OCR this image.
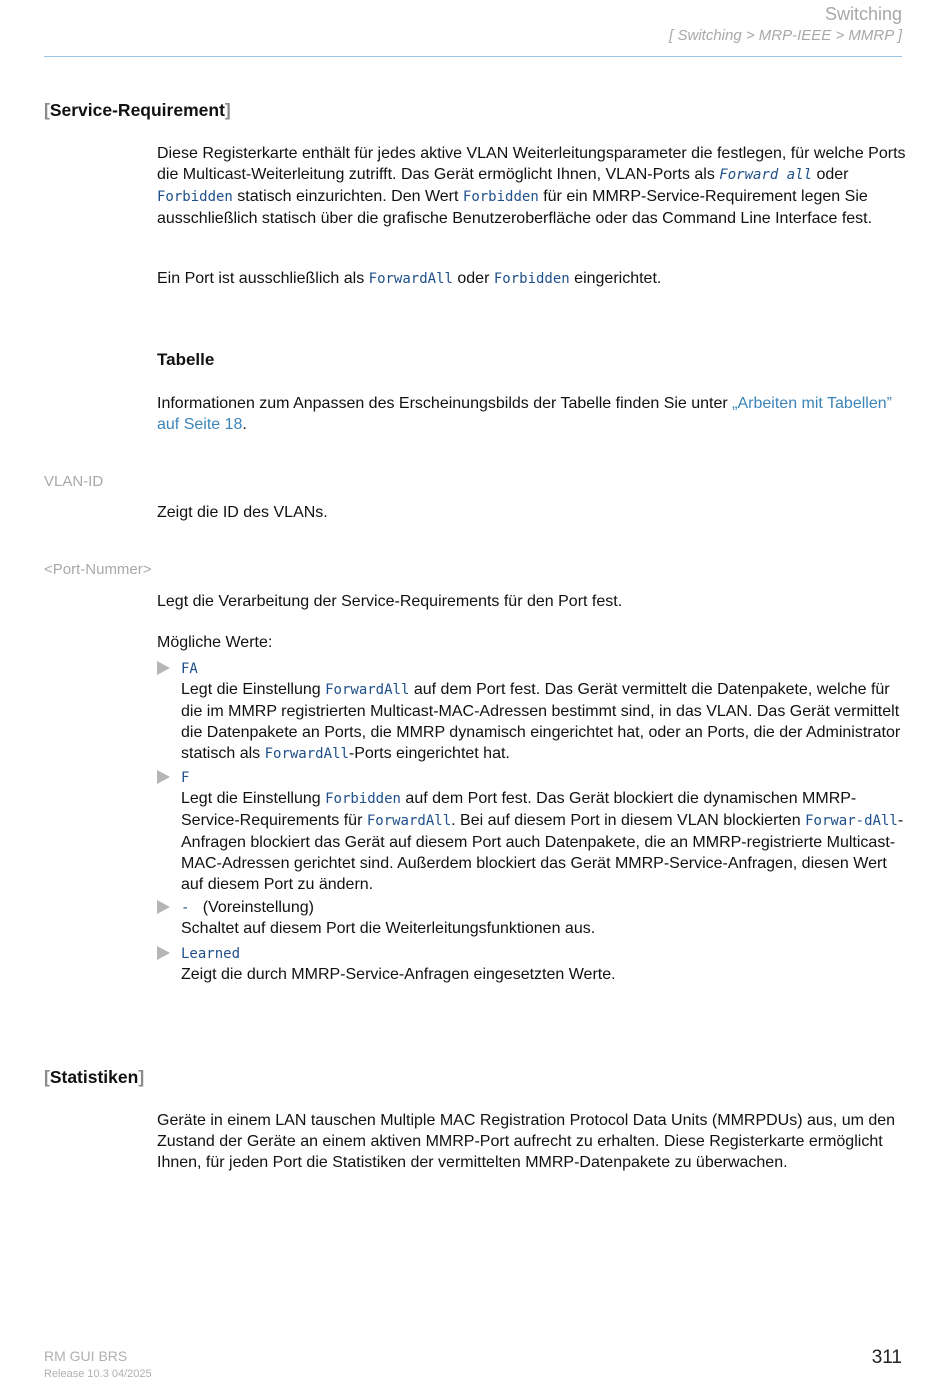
Switching
[ Switching > MRP-IEEE > MMRP ]
[Service-Requirement]

Diese Registerkarte enthält für jedes aktive VLAN Weiterleitungsparameter die festlegen, für welche Ports die Multicast-Weiterleitung zutrifft. Das Gerät ermöglicht Ihnen, VLAN-Ports als Forward all oder Forbidden statisch einzurichten. Den Wert Forbidden für ein MMRP-Service-Requirement legen Sie ausschließlich statisch über die grafische Benutzeroberfläche oder das Command Line Interface fest.

Ein Port ist ausschließlich als ForwardAll oder Forbidden eingerichtet.

Tabelle

Informationen zum Anpassen des Erscheinungsbilds der Tabelle finden Sie unter „Arbeiten mit Tabellen” auf Seite 18.

VLAN-ID

Zeigt die ID des VLANs.

<Port-Nummer>

Legt die Verarbeitung der Service-Requirements für den Port fest.

Mögliche Werte:

FA

Legt die Einstellung ForwardAll auf dem Port fest. Das Gerät vermittelt die Datenpakete, welche für die im MMRP registrierten Multicast-MAC-Adressen bestimmt sind, in das VLAN. Das Gerät vermittelt die Datenpakete an Ports, die MMRP dynamisch eingerichtet hat, oder an Ports, die der Administrator statisch als ForwardAll-Ports eingerichtet hat.

F

Legt die Einstellung Forbidden auf dem Port fest. Das Gerät blockiert die dynamischen MMRP-Service-Requirements für ForwardAll. Bei auf diesem Port in diesem VLAN blockierten Forwar-dAll-Anfragen blockiert das Gerät auf diesem Port auch Datenpakete, die an MMRP-registrierte Multicast-MAC-Adressen gerichtet sind. Außerdem blockiert das Gerät MMRP-Service-Anfragen, diesen Wert auf diesem Port zu ändern.

- (Voreinstellung)

Schaltet auf diesem Port die Weiterleitungsfunktionen aus.

Learned

Zeigt die durch MMRP-Service-Anfragen eingesetzten Werte.

[Statistiken]

Geräte in einem LAN tauschen Multiple MAC Registration Protocol Data Units (MMRPDUs) aus, um den Zustand der Geräte an einem aktiven MMRP-Port aufrecht zu erhalten. Diese Registerkarte ermöglicht Ihnen, für jeden Port die Statistiken der vermittelten MMRP-Datenpakete zu überwachen.

RM GUI BRS
Release 10.3 04/2025
311
